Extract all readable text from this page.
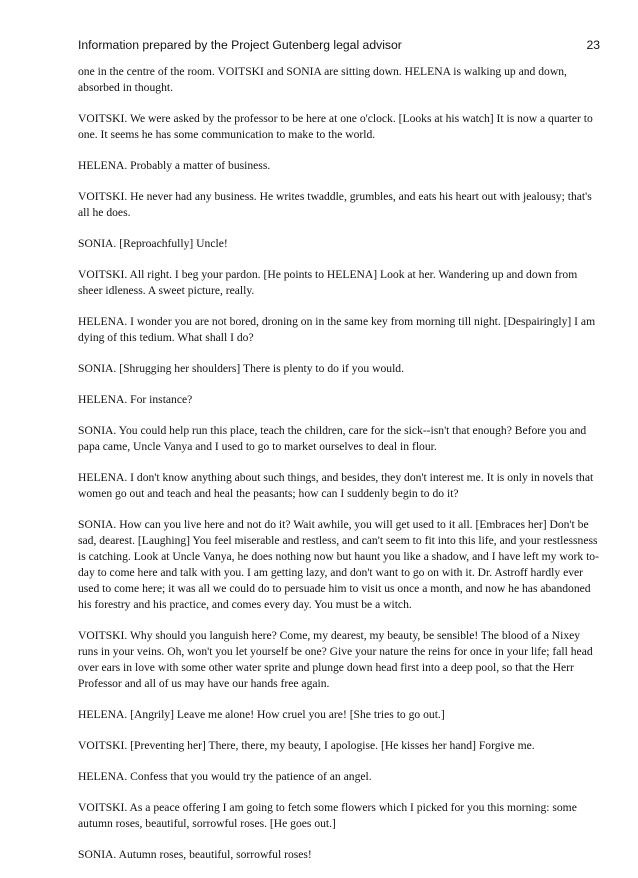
Information prepared by the Project Gutenberg legal advisor	23

one in the centre of the room. VOITSKI and SONIA are sitting down. HELENA is walking up and down, absorbed in thought.

VOITSKI. We were asked by the professor to be here at one o'clock. [Looks at his watch] It is now a quarter to one. It seems he has some communication to make to the world.

HELENA. Probably a matter of business.

VOITSKI. He never had any business. He writes twaddle, grumbles, and eats his heart out with jealousy; that's all he does.

SONIA. [Reproachfully] Uncle!

VOITSKI. All right. I beg your pardon. [He points to HELENA] Look at her. Wandering up and down from sheer idleness. A sweet picture, really.

HELENA. I wonder you are not bored, droning on in the same key from morning till night. [Despairingly] I am dying of this tedium. What shall I do?

SONIA. [Shrugging her shoulders] There is plenty to do if you would.

HELENA. For instance?

SONIA. You could help run this place, teach the children, care for the sick--isn't that enough? Before you and papa came, Uncle Vanya and I used to go to market ourselves to deal in flour.

HELENA. I don't know anything about such things, and besides, they don't interest me. It is only in novels that women go out and teach and heal the peasants; how can I suddenly begin to do it?

SONIA. How can you live here and not do it? Wait awhile, you will get used to it all. [Embraces her] Don't be sad, dearest. [Laughing] You feel miserable and restless, and can't seem to fit into this life, and your restlessness is catching. Look at Uncle Vanya, he does nothing now but haunt you like a shadow, and I have left my work to-day to come here and talk with you. I am getting lazy, and don't want to go on with it. Dr. Astroff hardly ever used to come here; it was all we could do to persuade him to visit us once a month, and now he has abandoned his forestry and his practice, and comes every day. You must be a witch.

VOITSKI. Why should you languish here? Come, my dearest, my beauty, be sensible! The blood of a Nixey runs in your veins. Oh, won't you let yourself be one? Give your nature the reins for once in your life; fall head over ears in love with some other water sprite and plunge down head first into a deep pool, so that the Herr Professor and all of us may have our hands free again.

HELENA. [Angrily] Leave me alone! How cruel you are! [She tries to go out.]

VOITSKI. [Preventing her] There, there, my beauty, I apologise. [He kisses her hand] Forgive me.

HELENA. Confess that you would try the patience of an angel.

VOITSKI. As a peace offering I am going to fetch some flowers which I picked for you this morning: some autumn roses, beautiful, sorrowful roses. [He goes out.]

SONIA. Autumn roses, beautiful, sorrowful roses!
